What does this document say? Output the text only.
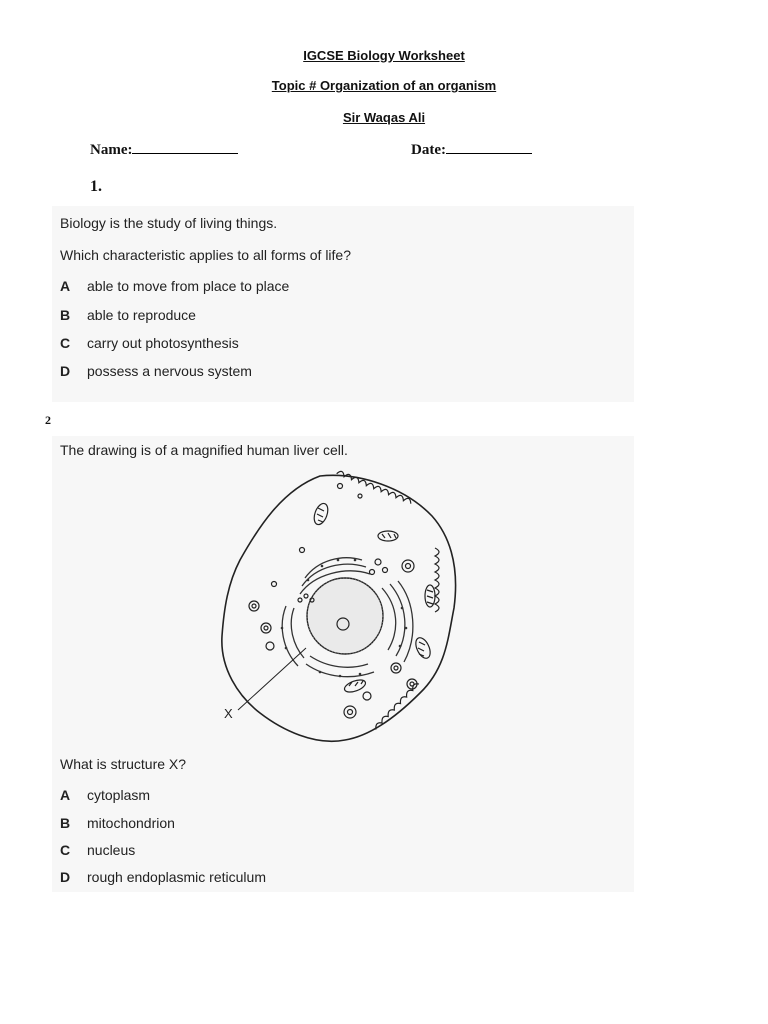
IGCSE Biology Worksheet
Topic # Organization of an organism
Sir Waqas Ali
Name:	Date:
1.
Biology is the study of living things.
Which characteristic applies to all forms of life?
A able to move from place to place
B able to reproduce
C carry out photosynthesis
D possess a nervous system
2
The drawing is of a magnified human liver cell.
X
What is structure X?
A cytoplasm
B mitochondrion
C nucleus
D rough endoplasmic reticulum
